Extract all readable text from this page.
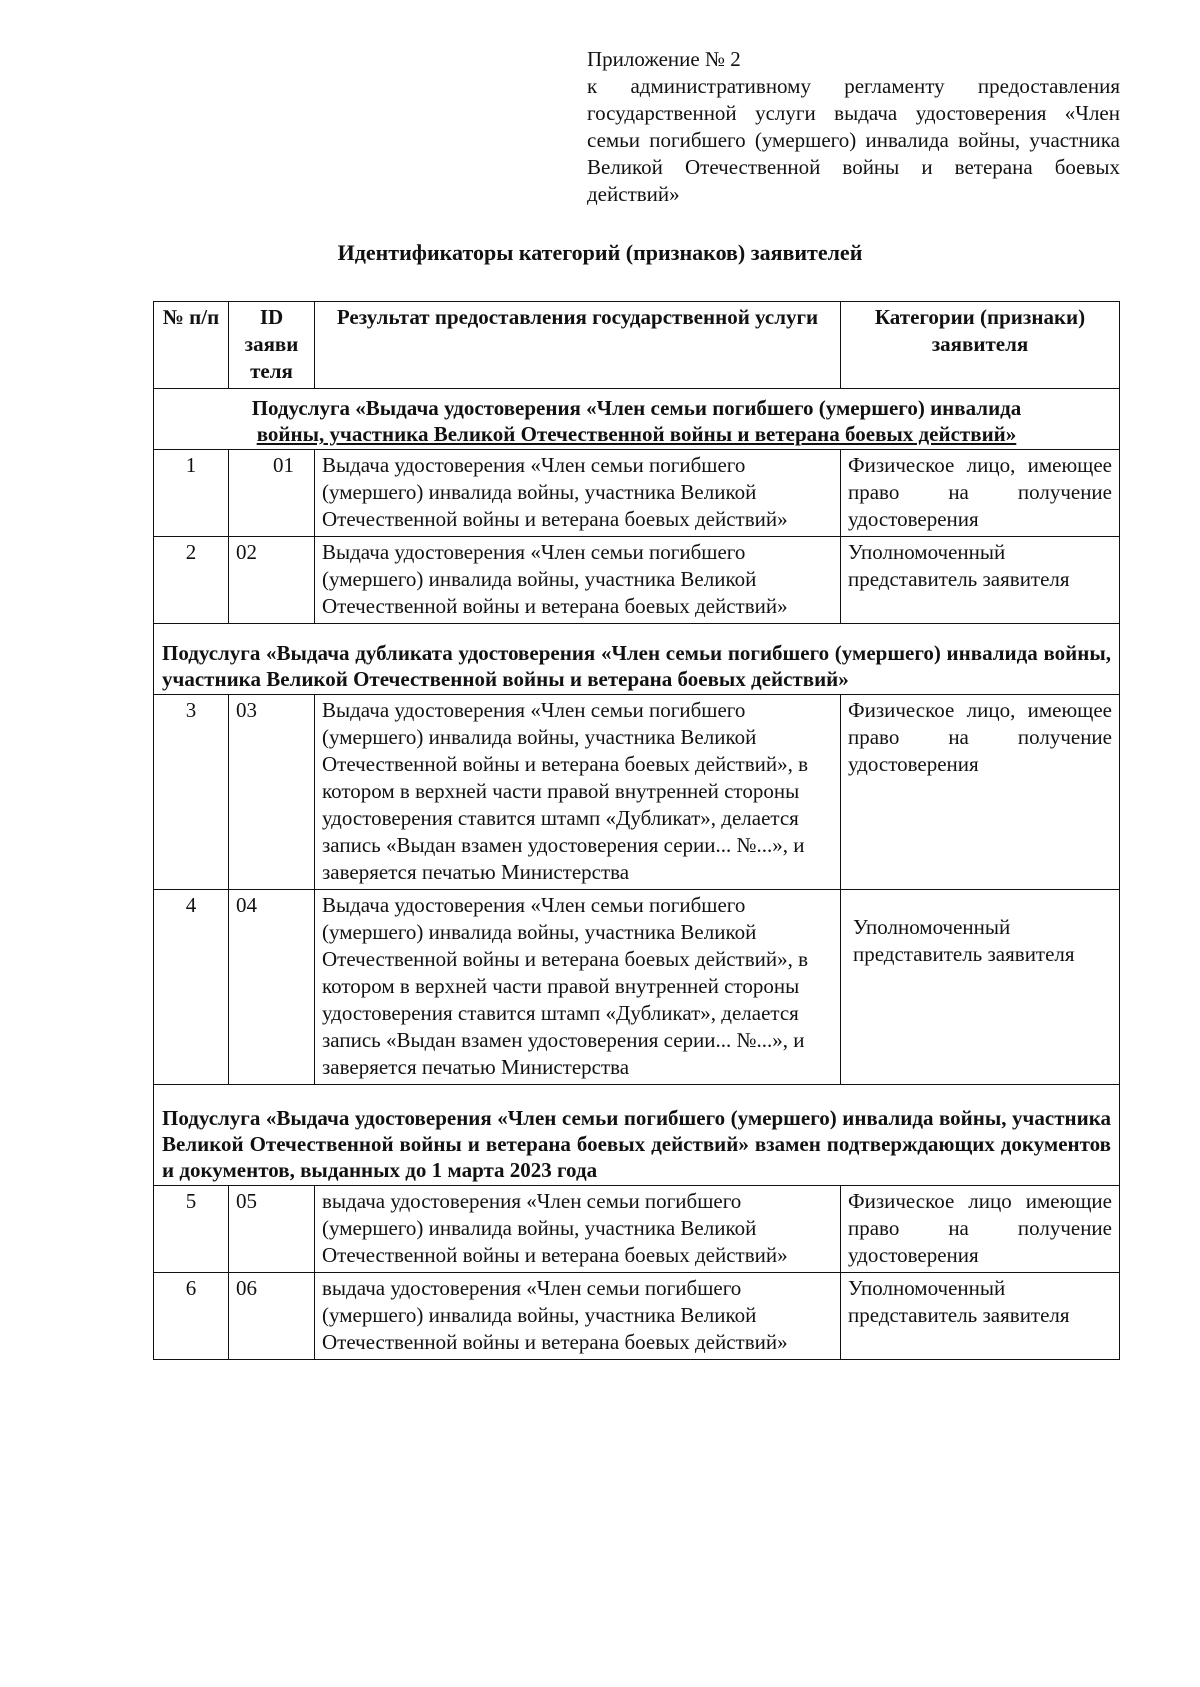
Приложение № 2
к административному регламенту предоставления государственной услуги выдача удостоверения «Член семьи погибшего (умершего) инвалида войны, участника Великой Отечественной войны и ветерана боевых действий»
Идентификаторы категорий (признаков) заявителей
№ п/п	ID заяви теля	Результат предоставления государственной услуги	Категории (признаки) заявителя

Подуслуга «Выдача удостоверения «Член семьи погибшего (умершего) инвалида
войны, участника Великой Отечественной войны и ветерана боевых действий»			

1	01	Выдача удостоверения «Член семьи погибшего (умершего) инвалида войны, участника Великой Отечественной войны и ветерана боевых действий»	Физическое лицо, имеющее право на получение удостоверения
2	02	Выдача удостоверения «Член семьи погибшего (умершего) инвалида войны, участника Великой Отечественной войны и ветерана боевых действий»	Уполномоченный представитель заявителя
Подуслуга «Выдача дубликата удостоверения «Член семьи погибшего (умершего) инвалида войны, участника Великой Отечественной войны и ветерана боевых действий»			
3	03	Выдача удостоверения «Член семьи погибшего (умершего) инвалида войны, участника Великой Отечественной войны и ветерана боевых действий», в котором в верхней части правой внутренней стороны удостоверения ставится штамп «Дубликат», делается запись «Выдан взамен удостоверения серии... №...», и заверяется печатью Министерства	Физическое лицо, имеющее право на получение удостоверения
4	04	Выдача удостоверения «Член семьи погибшего (умершего) инвалида войны, участника Великой Отечественной войны и ветерана боевых действий», в котором в верхней части правой внутренней стороны удостоверения ставится штамп «Дубликат», делается запись «Выдан взамен удостоверения серии... №...», и заверяется печатью Министерства	Уполномоченный представитель заявителя
Подуслуга «Выдача удостоверения «Член семьи погибшего (умершего) инвалида войны, участника Великой Отечественной войны и ветерана боевых действий» взамен подтверждающих документов и документов, выданных до 1 марта 2023 года			
5	05	выдача удостоверения «Член семьи погибшего (умершего) инвалида войны, участника Великой Отечественной войны и ветерана боевых действий»	Физическое лицо имеющие право на получение удостоверения
6	06	выдача удостоверения «Член семьи погибшего (умершего) инвалида войны, участника Великой Отечественной войны и ветерана боевых действий»	Уполномоченный представитель заявителя
